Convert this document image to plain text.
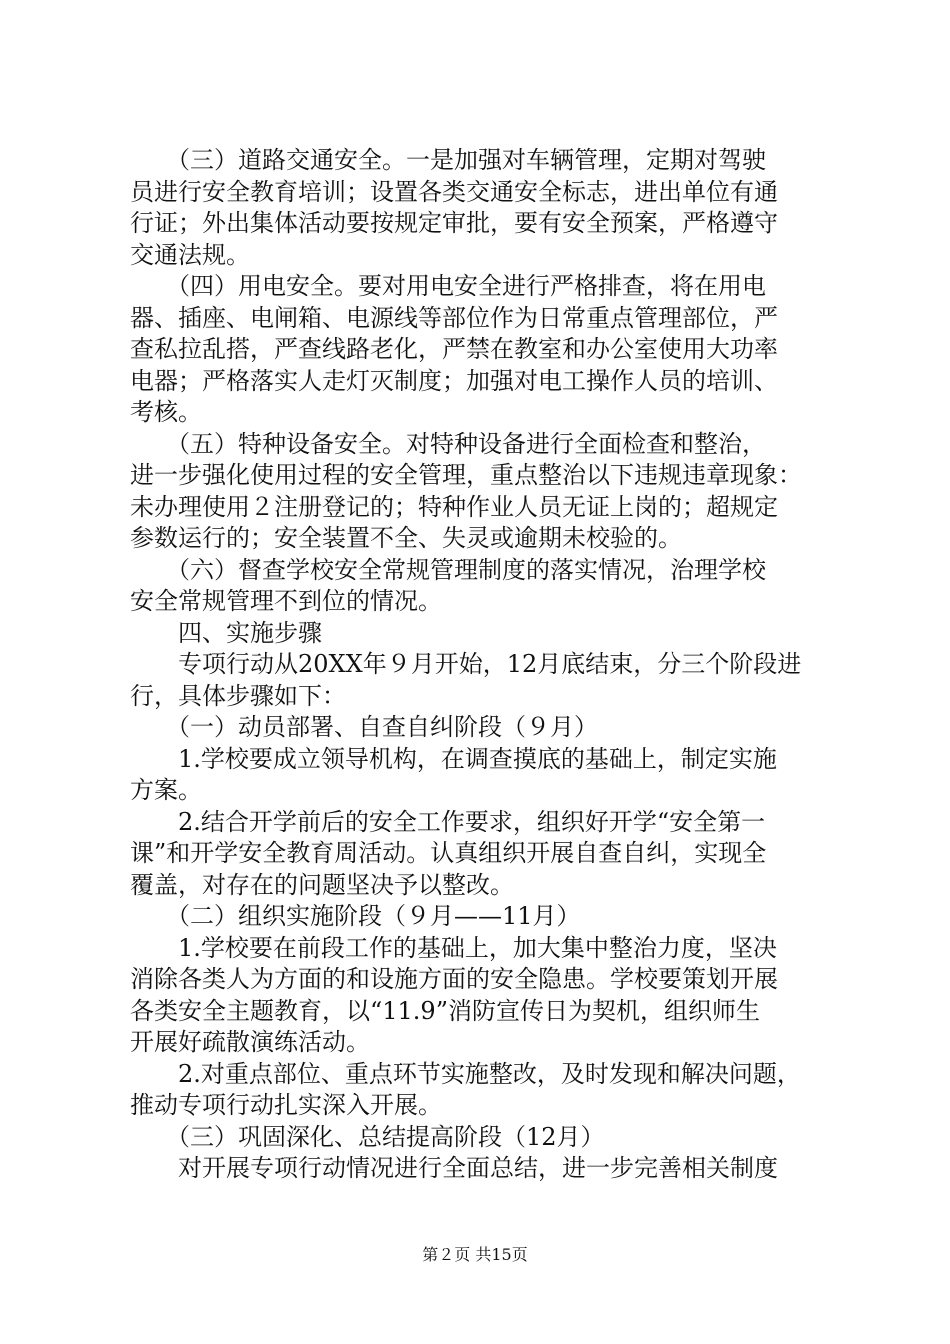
　　（三）道路交通安全。一是加强对车辆管理，定期对驾驶
员进行安全教育培训；设置各类交通安全标志，进出单位有通
行证；外出集体活动要按规定审批，要有安全预案，严格遵守
交通法规。
　　（四）用电安全。要对用电安全进行严格排查，将在用电
器、插座、电闸箱、电源线等部位作为日常重点管理部位，严
查私拉乱搭，严查线路老化，严禁在教室和办公室使用大功率
电器；严格落实人走灯灭制度；加强对电工操作人员的培训、
考核。
　　（五）特种设备安全。对特种设备进行全面检查和整治，
进一步强化使用过程的安全管理，重点整治以下违规违章现象：
未办理使用２注册登记的；特种作业人员无证上岗的；超规定
参数运行的；安全装置不全、失灵或逾期未校验的。
　　（六）督查学校安全常规管理制度的落实情况，治理学校
安全常规管理不到位的情况。
　　四、实施步骤
　　专项行动从20XX年９月开始，12月底结束，分三个阶段进
行，具体步骤如下：
　　（一）动员部署、自查自纠阶段（９月）
　　1.学校要成立领导机构，在调查摸底的基础上，制定实施
方案。
　　2.结合开学前后的安全工作要求，组织好开学“安全第一
课”和开学安全教育周活动。认真组织开展自查自纠，实现全
覆盖，对存在的问题坚决予以整改。
　　（二）组织实施阶段（９月——11月）
　　1.学校要在前段工作的基础上，加大集中整治力度，坚决
消除各类人为方面的和设施方面的安全隐患。学校要策划开展
各类安全主题教育，以“11.9”消防宣传日为契机，组织师生
开展好疏散演练活动。
　　2.对重点部位、重点环节实施整改，及时发现和解决问题，
推动专项行动扎实深入开展。
　　（三）巩固深化、总结提高阶段（12月）
　　对开展专项行动情况进行全面总结，进一步完善相关制度
第２页 共15页
